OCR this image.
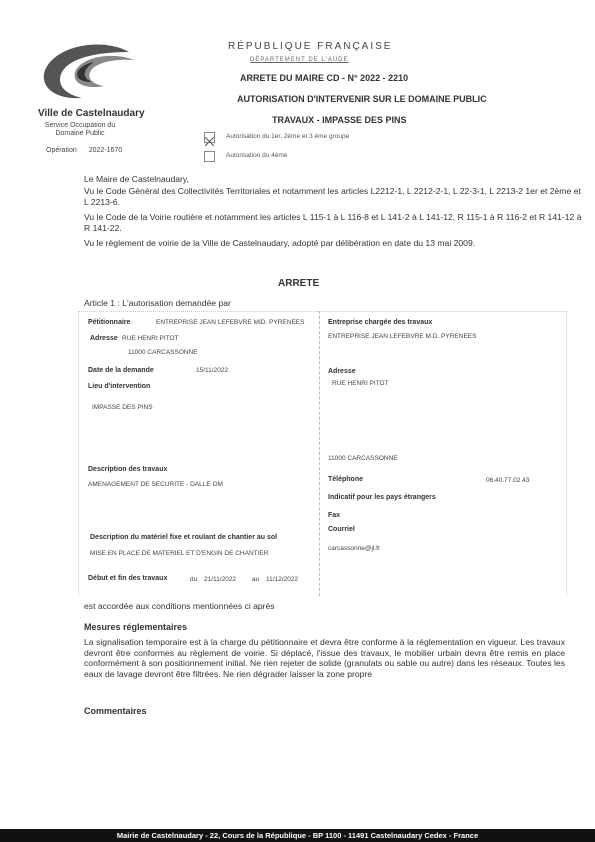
Ville de Castelnaudary
Service Occupation du Domaine Public
Opération 2022-1670
RÉPUBLIQUE FRANÇAISE
DÉPARTEMENT DE L'AUDE
ARRETE DU MAIRE CD - N° 2022 - 2210
AUTORISATION D'INTERVENIR SUR LE DOMAINE PUBLIC
TRAVAUX - IMPASSE DES PINS
Autorisation du 1er, 2ème et 3 ème groupe
Autorisation du 4ème
Le Maire de Castelnaudary,
Vu le Code Général des Collectivités Territoriales et notamment les articles L2212-1, L 2212-2-1, L 22-3-1, L 2213-2 1er et 2ème et L 2213-6.
Vu le Code de la Voirie routière et notamment les articles L 115-1 à L 116-8 et L 141-2 à L 141-12, R 115-1 à R 116-2 et R 141-12 à R 141-22.
Vu le règlement de voirie de la Ville de Castelnaudary, adopté par délibération en date du 13 mai 2009.
ARRETE
Article 1 : L'autorisation demandée par
Pétitionnaire	ENTREPRISE JEAN LEFEBVRE MID. PYRENEES
Adresse RUE HENRI PITOT
11000 CARCASSONNE
Date de la demande	15/11/2022
Lieu d'intervention
IMPASSE DES PINS
Description des travaux
AMENAGEMENT DE SECURITE - DALLE OM
Description du matériel fixe et roulant de chantier au sol
MISE EN PLACE DE MATERIEL ET D'ENGIN DE CHANTIER
Début et fin des travaux	du 21/11/2022 au 11/12/2022
Entreprise chargée des travaux
ENTREPRISE JEAN LEFEBVRE M.D. PYRENEES
Adresse
RUE HENRI PITOT
11000 CARCASSONNE
Téléphone	06.40.77.02.43
Indicatif pour les pays étrangers
Fax
Courriel
carcassonne@jl.fr
est accordée aux conditions mentionnées ci après
Mesures réglementaires
La signalisation temporaire est à la charge du pétitionnaire et devra être conforme à la réglementation en vigueur. Les travaux devront être conformes au règlement de voirie. Si déplacé, l'issue des travaux, le mobilier urbain devra être remis en place conformément à son positionnement initial. Ne rien rejeter de solide (granulats ou sable ou autre) dans les réseaux. Toutes les eaux de lavage devront être filtrées. Ne rien dégrader laisser la zone propre
Commentaires
Mairie de Castelnaudary - 22, Cours de la République - BP 1100 - 11491 Castelnaudary Cedex - France
